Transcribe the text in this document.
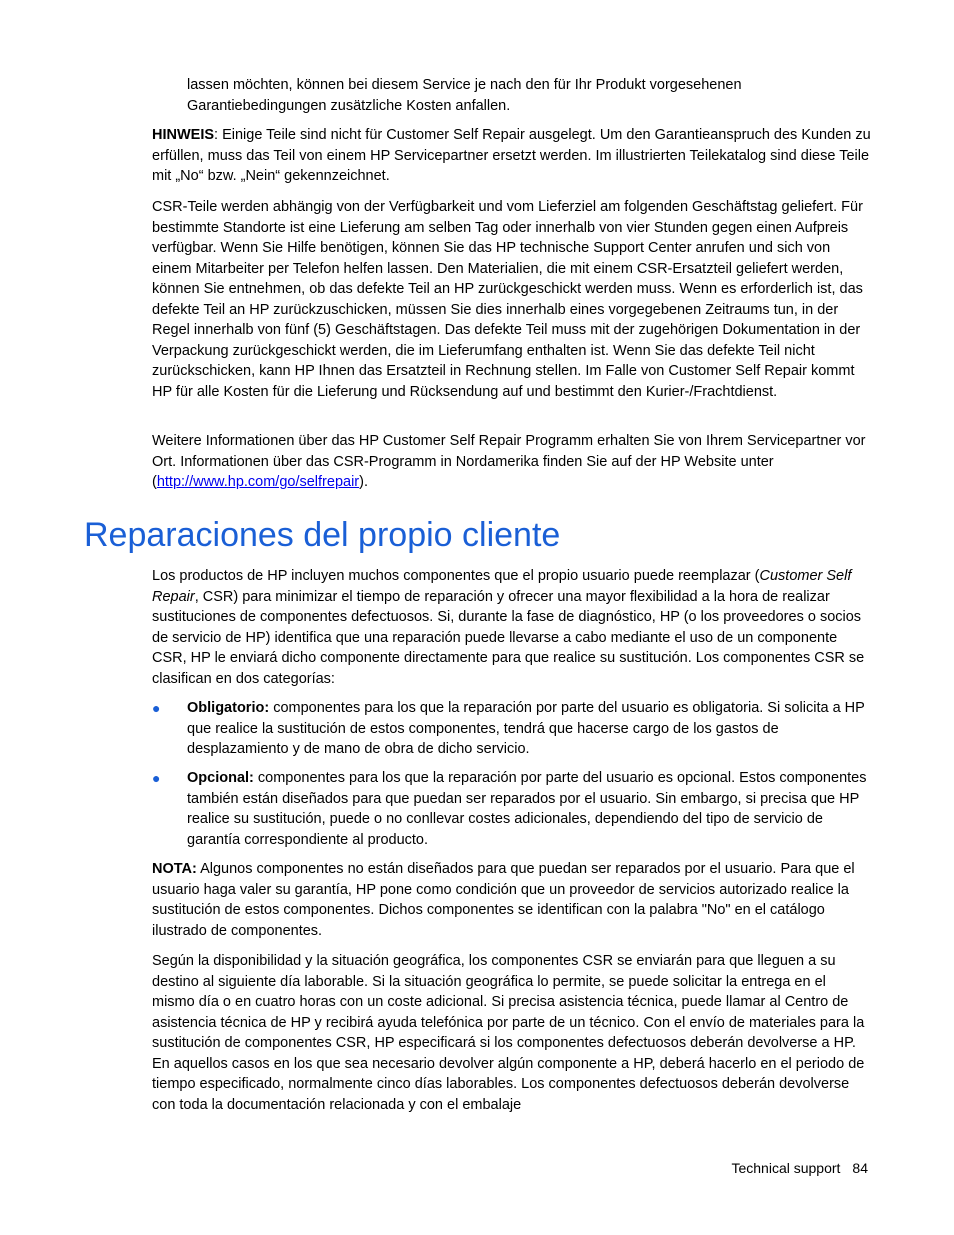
lassen möchten, können bei diesem Service je nach den für Ihr Produkt vorgesehenen Garantiebedingungen zusätzliche Kosten anfallen.

HINWEIS: Einige Teile sind nicht für Customer Self Repair ausgelegt. Um den Garantieanspruch des Kunden zu erfüllen, muss das Teil von einem HP Servicepartner ersetzt werden. Im illustrierten Teilekatalog sind diese Teile mit „No“ bzw. „Nein“ gekennzeichnet.

CSR-Teile werden abhängig von der Verfügbarkeit und vom Lieferziel am folgenden Geschäftstag geliefert. Für bestimmte Standorte ist eine Lieferung am selben Tag oder innerhalb von vier Stunden gegen einen Aufpreis verfügbar. Wenn Sie Hilfe benötigen, können Sie das HP technische Support Center anrufen und sich von einem Mitarbeiter per Telefon helfen lassen. Den Materialien, die mit einem CSR-Ersatzteil geliefert werden, können Sie entnehmen, ob das defekte Teil an HP zurückgeschickt werden muss. Wenn es erforderlich ist, das defekte Teil an HP zurückzuschicken, müssen Sie dies innerhalb eines vorgegebenen Zeitraums tun, in der Regel innerhalb von fünf (5) Geschäftstagen. Das defekte Teil muss mit der zugehörigen Dokumentation in der Verpackung zurückgeschickt werden, die im Lieferumfang enthalten ist. Wenn Sie das defekte Teil nicht zurückschicken, kann HP Ihnen das Ersatzteil in Rechnung stellen. Im Falle von Customer Self Repair kommt HP für alle Kosten für die Lieferung und Rücksendung auf und bestimmt den Kurier-/Frachtdienst.

Weitere Informationen über das HP Customer Self Repair Programm erhalten Sie von Ihrem Servicepartner vor Ort. Informationen über das CSR-Programm in Nordamerika finden Sie auf der HP Website unter (http://www.hp.com/go/selfrepair).

Reparaciones del propio cliente

Los productos de HP incluyen muchos componentes que el propio usuario puede reemplazar (Customer Self Repair, CSR) para minimizar el tiempo de reparación y ofrecer una mayor flexibilidad a la hora de realizar sustituciones de componentes defectuosos. Si, durante la fase de diagnóstico, HP (o los proveedores o socios de servicio de HP) identifica que una reparación puede llevarse a cabo mediante el uso de un componente CSR, HP le enviará dicho componente directamente para que realice su sustitución. Los componentes CSR se clasifican en dos categorías:

● Obligatorio: componentes para los que la reparación por parte del usuario es obligatoria. Si solicita a HP que realice la sustitución de estos componentes, tendrá que hacerse cargo de los gastos de desplazamiento y de mano de obra de dicho servicio.

● Opcional: componentes para los que la reparación por parte del usuario es opcional. Estos componentes también están diseñados para que puedan ser reparados por el usuario. Sin embargo, si precisa que HP realice su sustitución, puede o no conllevar costes adicionales, dependiendo del tipo de servicio de garantía correspondiente al producto.

NOTA: Algunos componentes no están diseñados para que puedan ser reparados por el usuario. Para que el usuario haga valer su garantía, HP pone como condición que un proveedor de servicios autorizado realice la sustitución de estos componentes. Dichos componentes se identifican con la palabra "No" en el catálogo ilustrado de componentes.

Según la disponibilidad y la situación geográfica, los componentes CSR se enviarán para que lleguen a su destino al siguiente día laborable. Si la situación geográfica lo permite, se puede solicitar la entrega en el mismo día o en cuatro horas con un coste adicional. Si precisa asistencia técnica, puede llamar al Centro de asistencia técnica de HP y recibirá ayuda telefónica por parte de un técnico. Con el envío de materiales para la sustitución de componentes CSR, HP especificará si los componentes defectuosos deberán devolverse a HP. En aquellos casos en los que sea necesario devolver algún componente a HP, deberá hacerlo en el periodo de tiempo especificado, normalmente cinco días laborables. Los componentes defectuosos deberán devolverse con toda la documentación relacionada y con el embalaje

Technical support 84
